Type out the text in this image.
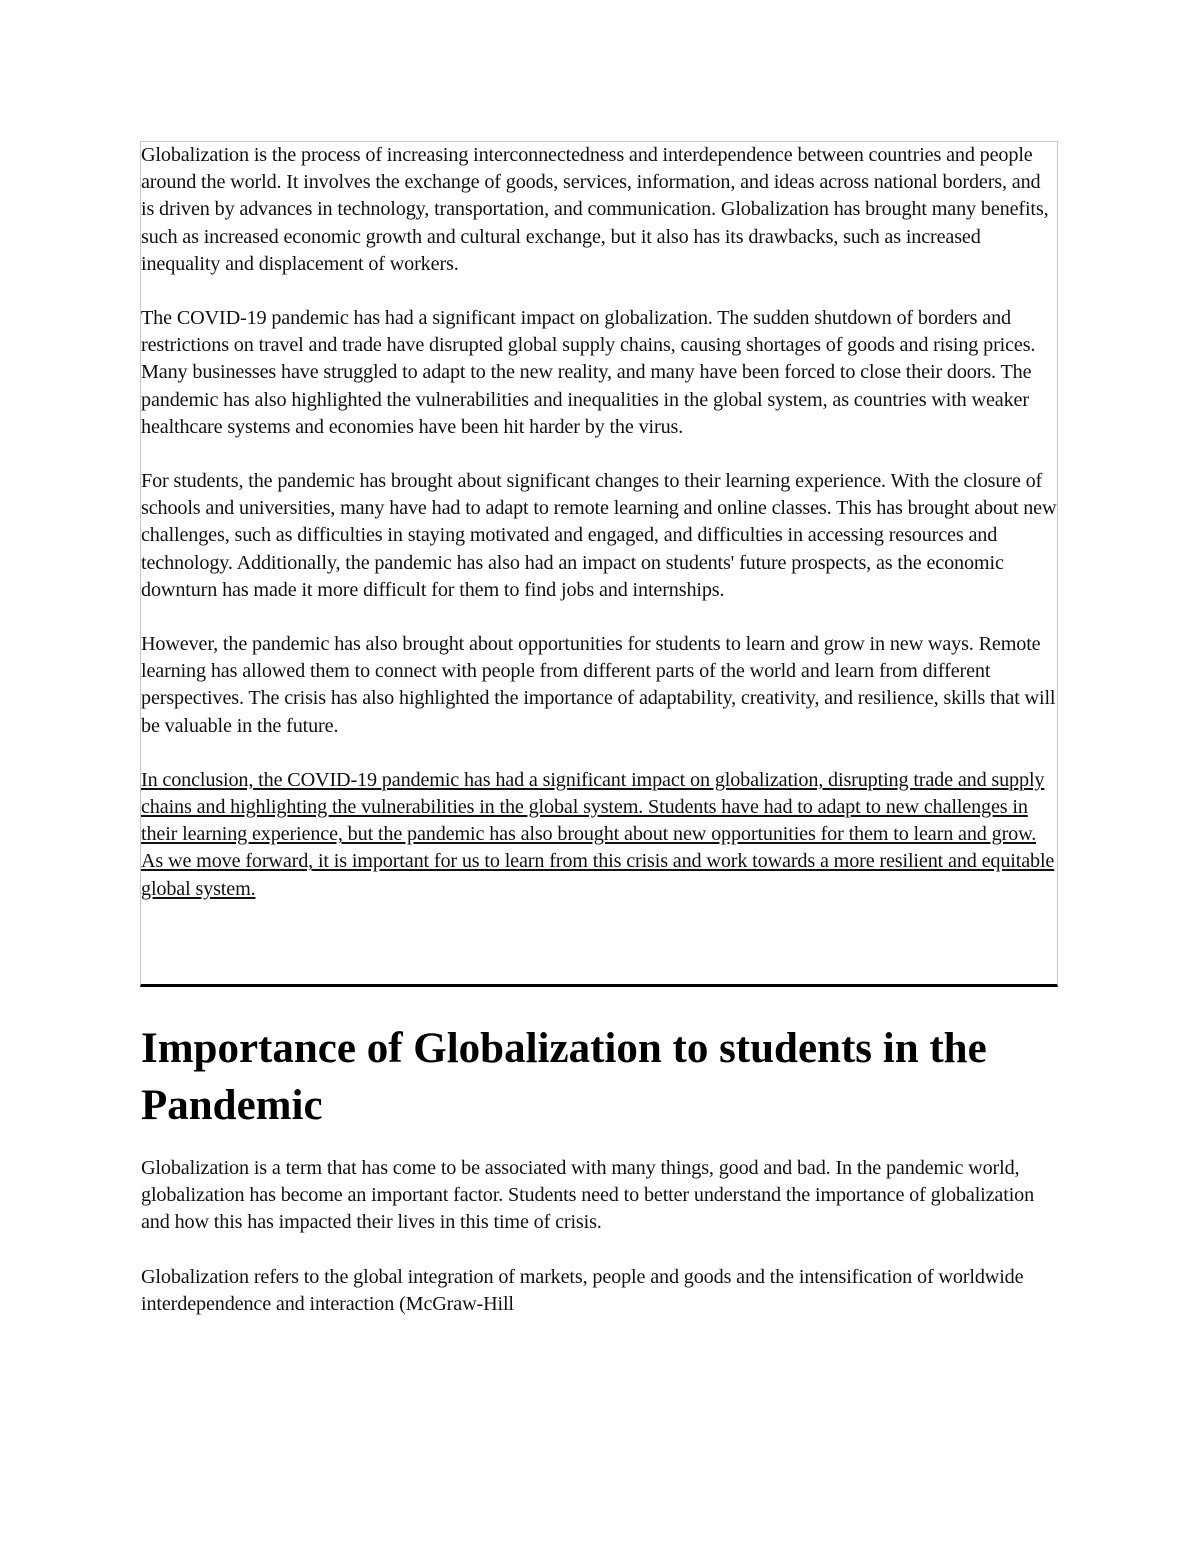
Globalization is the process of increasing interconnectedness and interdependence between countries and people around the world. It involves the exchange of goods, services, information, and ideas across national borders, and is driven by advances in technology, transportation, and communication. Globalization has brought many benefits, such as increased economic growth and cultural exchange, but it also has its drawbacks, such as increased inequality and displacement of workers.

The COVID-19 pandemic has had a significant impact on globalization. The sudden shutdown of borders and restrictions on travel and trade have disrupted global supply chains, causing shortages of goods and rising prices. Many businesses have struggled to adapt to the new reality, and many have been forced to close their doors. The pandemic has also highlighted the vulnerabilities and inequalities in the global system, as countries with weaker healthcare systems and economies have been hit harder by the virus.

For students, the pandemic has brought about significant changes to their learning experience. With the closure of schools and universities, many have had to adapt to remote learning and online classes. This has brought about new challenges, such as difficulties in staying motivated and engaged, and difficulties in accessing resources and technology. Additionally, the pandemic has also had an impact on students' future prospects, as the economic downturn has made it more difficult for them to find jobs and internships.

However, the pandemic has also brought about opportunities for students to learn and grow in new ways. Remote learning has allowed them to connect with people from different parts of the world and learn from different perspectives. The crisis has also highlighted the importance of adaptability, creativity, and resilience, skills that will be valuable in the future.

In conclusion, the COVID-19 pandemic has had a significant impact on globalization, disrupting trade and supply chains and highlighting the vulnerabilities in the global system. Students have had to adapt to new challenges in their learning experience, but the pandemic has also brought about new opportunities for them to learn and grow. As we move forward, it is important for us to learn from this crisis and work towards a more resilient and equitable global system.

Importance of Globalization to students in the Pandemic

Globalization is a term that has come to be associated with many things, good and bad. In the pandemic world, globalization has become an important factor. Students need to better understand the importance of globalization and how this has impacted their lives in this time of crisis.

Globalization refers to the global integration of markets, people and goods and the intensification of worldwide interdependence and interaction (McGraw-Hill
